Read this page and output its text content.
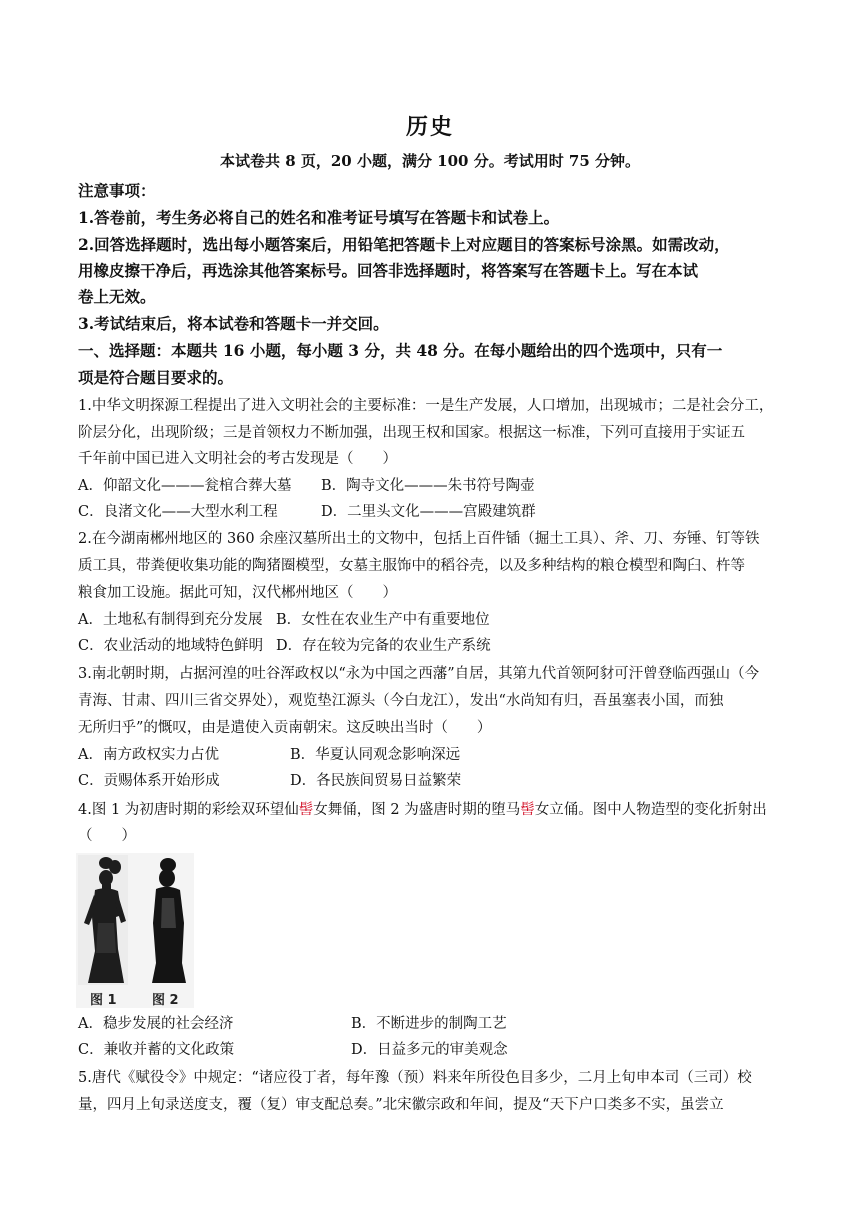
历史
本试卷共 8 页，20 小题，满分 100 分。考试用时 75 分钟。
注意事项：
1.答卷前，考生务必将自己的姓名和准考证号填写在答题卡和试卷上。
2.回答选择题时，选出每小题答案后，用铅笔把答题卡上对应题目的答案标号涂黑。如需改动，
用橡皮擦干净后，再选涂其他答案标号。回答非选择题时，将答案写在答题卡上。写在本试
卷上无效。
3.考试结束后，将本试卷和答题卡一并交回。
一、选择题：本题共 16 小题，每小题 3 分，共 48 分。在每小题给出的四个选项中，只有一
项是符合题目要求的。
1.中华文明探源工程提出了进入文明社会的主要标准：一是生产发展，人口增加，出现城市；二是社会分工，
阶层分化，出现阶级；三是首领权力不断加强，出现王权和国家。根据这一标准，下列可直接用于实证五
千年前中国已进入文明社会的考古发现是（　　）
A．仰韶文化———瓮棺合葬大墓 B．陶寺文化———朱书符号陶壶
C．良渚文化——大型水利工程	D．二里头文化———宫殿建筑群
2.在今湖南郴州地区的 360 余座汉墓所出土的文物中，包括上百件锸（掘土工具）、斧、刀、夯锤、钉等铁
质工具，带粪便收集功能的陶猪圈模型，女墓主服饰中的稻谷壳，以及多种结构的粮仓模型和陶臼、杵等
粮食加工设施。据此可知，汉代郴州地区（　　）
A．土地私有制得到充分发展 B．女性在农业生产中有重要地位
C．农业活动的地域特色鲜明 D．存在较为完备的农业生产系统
3.南北朝时期，占据河湟的吐谷浑政权以“永为中国之西藩”自居，其第九代首领阿豺可汗曾登临西强山（今
青海、甘肃、四川三省交界处），观览垫江源头（今白龙江），发出“水尚知有归，吾虽塞表小国，而独
无所归乎”的慨叹，由是遣使入贡南朝宋。这反映出当时（　　）
A．南方政权实力占优	B．华夏认同观念影响深远
C．贡赐体系开始形成	D．各民族间贸易日益繁荣
4.图 1 为初唐时期的彩绘双环望仙髻女舞俑，图 2 为盛唐时期的堕马髻女立俑。图中人物造型的变化折射出
（　　）
图 1	图 2
A．稳步发展的社会经济	B．不断进步的制陶工艺
C．兼收并蓄的文化政策	D．日益多元的审美观念
5.唐代《赋役令》中规定：“诸应役丁者，每年豫（预）料来年所役色目多少，二月上旬申本司（三司）校
量，四月上旬录送度支，覆（复）审支配总奏。”北宋徽宗政和年间，提及“天下户口类多不实，虽尝立
